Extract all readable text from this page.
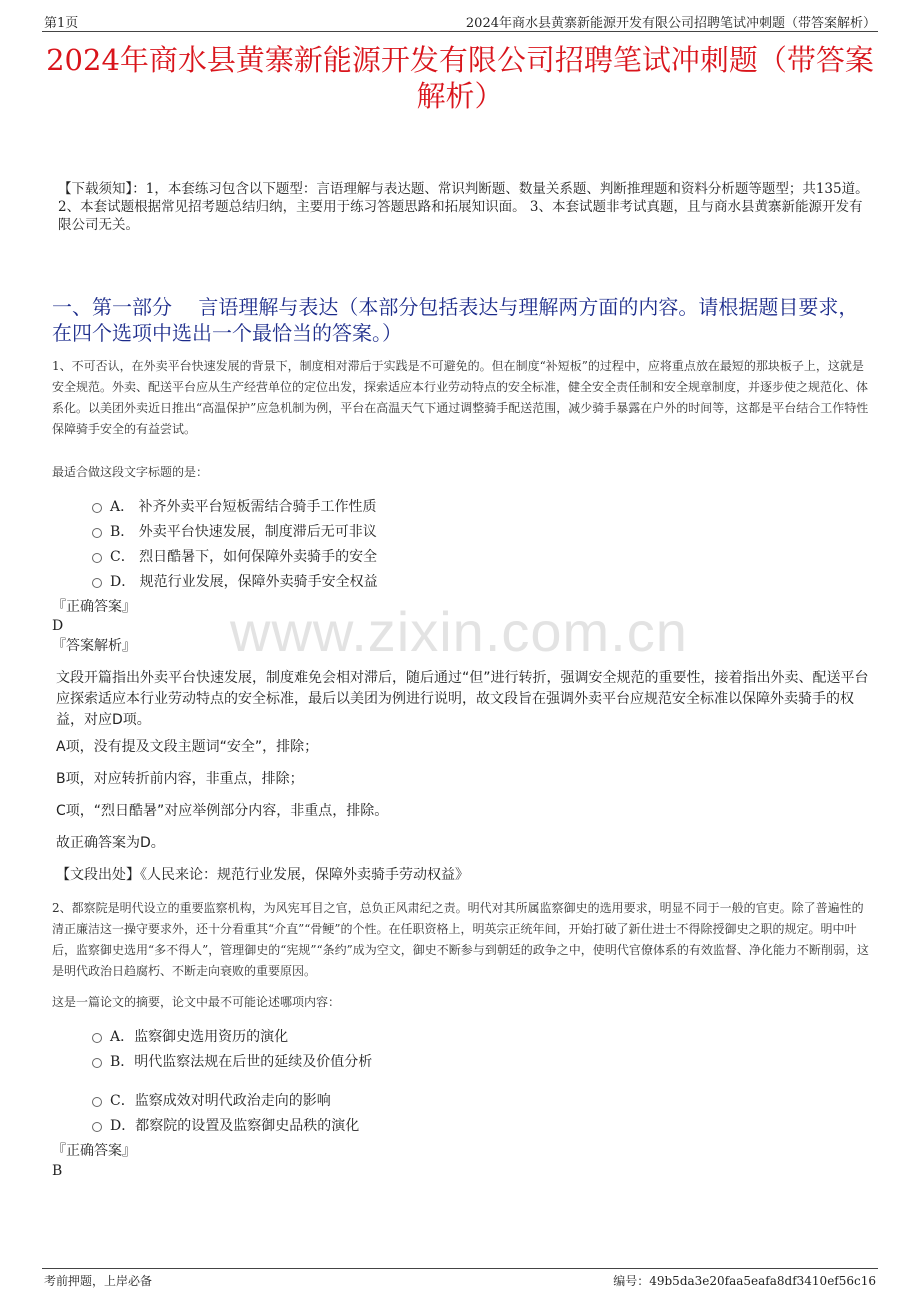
第1页	2024年商水县黄寨新能源开发有限公司招聘笔试冲刺题（带答案解析）
2024年商水县黄寨新能源开发有限公司招聘笔试冲刺题（带答案解析）
【下载须知】：1，本套练习包含以下题型：言语理解与表达题、常识判断题、数量关系题、判断推理题和资料分析题等题型；共135道。 2、本套试题根据常见招考题总结归纳，主要用于练习答题思路和拓展知识面。 3、本套试题非考试真题，且与商水县黄寨新能源开发有限公司无关。
一、第一部分　 言语理解与表达（本部分包括表达与理解两方面的内容。请根据题目要求，在四个选项中选出一个最恰当的答案。）
1、不可否认，在外卖平台快速发展的背景下，制度相对滞后于实践是不可避免的。但在制度“补短板”的过程中，应将重点放在最短的那块板子上，这就是安全规范。外卖、配送平台应从生产经营单位的定位出发，探索适应本行业劳动特点的安全标准，健全安全责任制和安全规章制度，并逐步使之规范化、体系化。以美团外卖近日推出“高温保护”应急机制为例，平台在高温天气下通过调整骑手配送范围，减少骑手暴露在户外的时间等，这都是平台结合工作特性保障骑手安全的有益尝试。
最适合做这段文字标题的是：
A． 补齐外卖平台短板需结合骑手工作性质
B． 外卖平台快速发展，制度滞后无可非议
C． 烈日酷暑下，如何保障外卖骑手的安全
D． 规范行业发展，保障外卖骑手安全权益
『正确答案』
D
『答案解析』 www.zixin.com.cn
文段开篇指出外卖平台快速发展，制度难免会相对滞后，随后通过“但”进行转折，强调安全规范的重要性，接着指出外卖、配送平台应探索适应本行业劳动特点的安全标准，最后以美团为例进行说明，故文段旨在强调外卖平台应规范安全标准以保障外卖骑手的权益，对应D项。
A项，没有提及文段主题词“安全”，排除；
B项，对应转折前内容，非重点，排除；
C项，“烈日酷暑”对应举例部分内容，非重点，排除。
故正确答案为D。
【文段出处】《人民来论：规范行业发展，保障外卖骑手劳动权益》
2、都察院是明代设立的重要监察机构，为风宪耳目之官，总负正风肃纪之责。明代对其所属监察御史的选用要求，明显不同于一般的官吏。除了普遍性的清正廉洁这一操守要求外，还十分看重其“介直”“骨鲠”的个性。在任职资格上，明英宗正统年间，开始打破了新仕进士不得除授御史之职的规定。明中叶后，监察御史选用“多不得人”，管理御史的“宪规”“条约”成为空文，御史不断参与到朝廷的政争之中，使明代官僚体系的有效监督、净化能力不断削弱，这是明代政治日趋腐朽、不断走向衰败的重要原因。
这是一篇论文的摘要，论文中最不可能论述哪项内容：
A．监察御史选用资历的演化
B．明代监察法规在后世的延续及价值分析
C．监察成效对明代政治走向的影响
D．都察院的设置及监察御史品秩的演化
『正确答案』
B
考前押题，上岸必备	编号：49b5da3e20faa5eafa8df3410ef56c16
